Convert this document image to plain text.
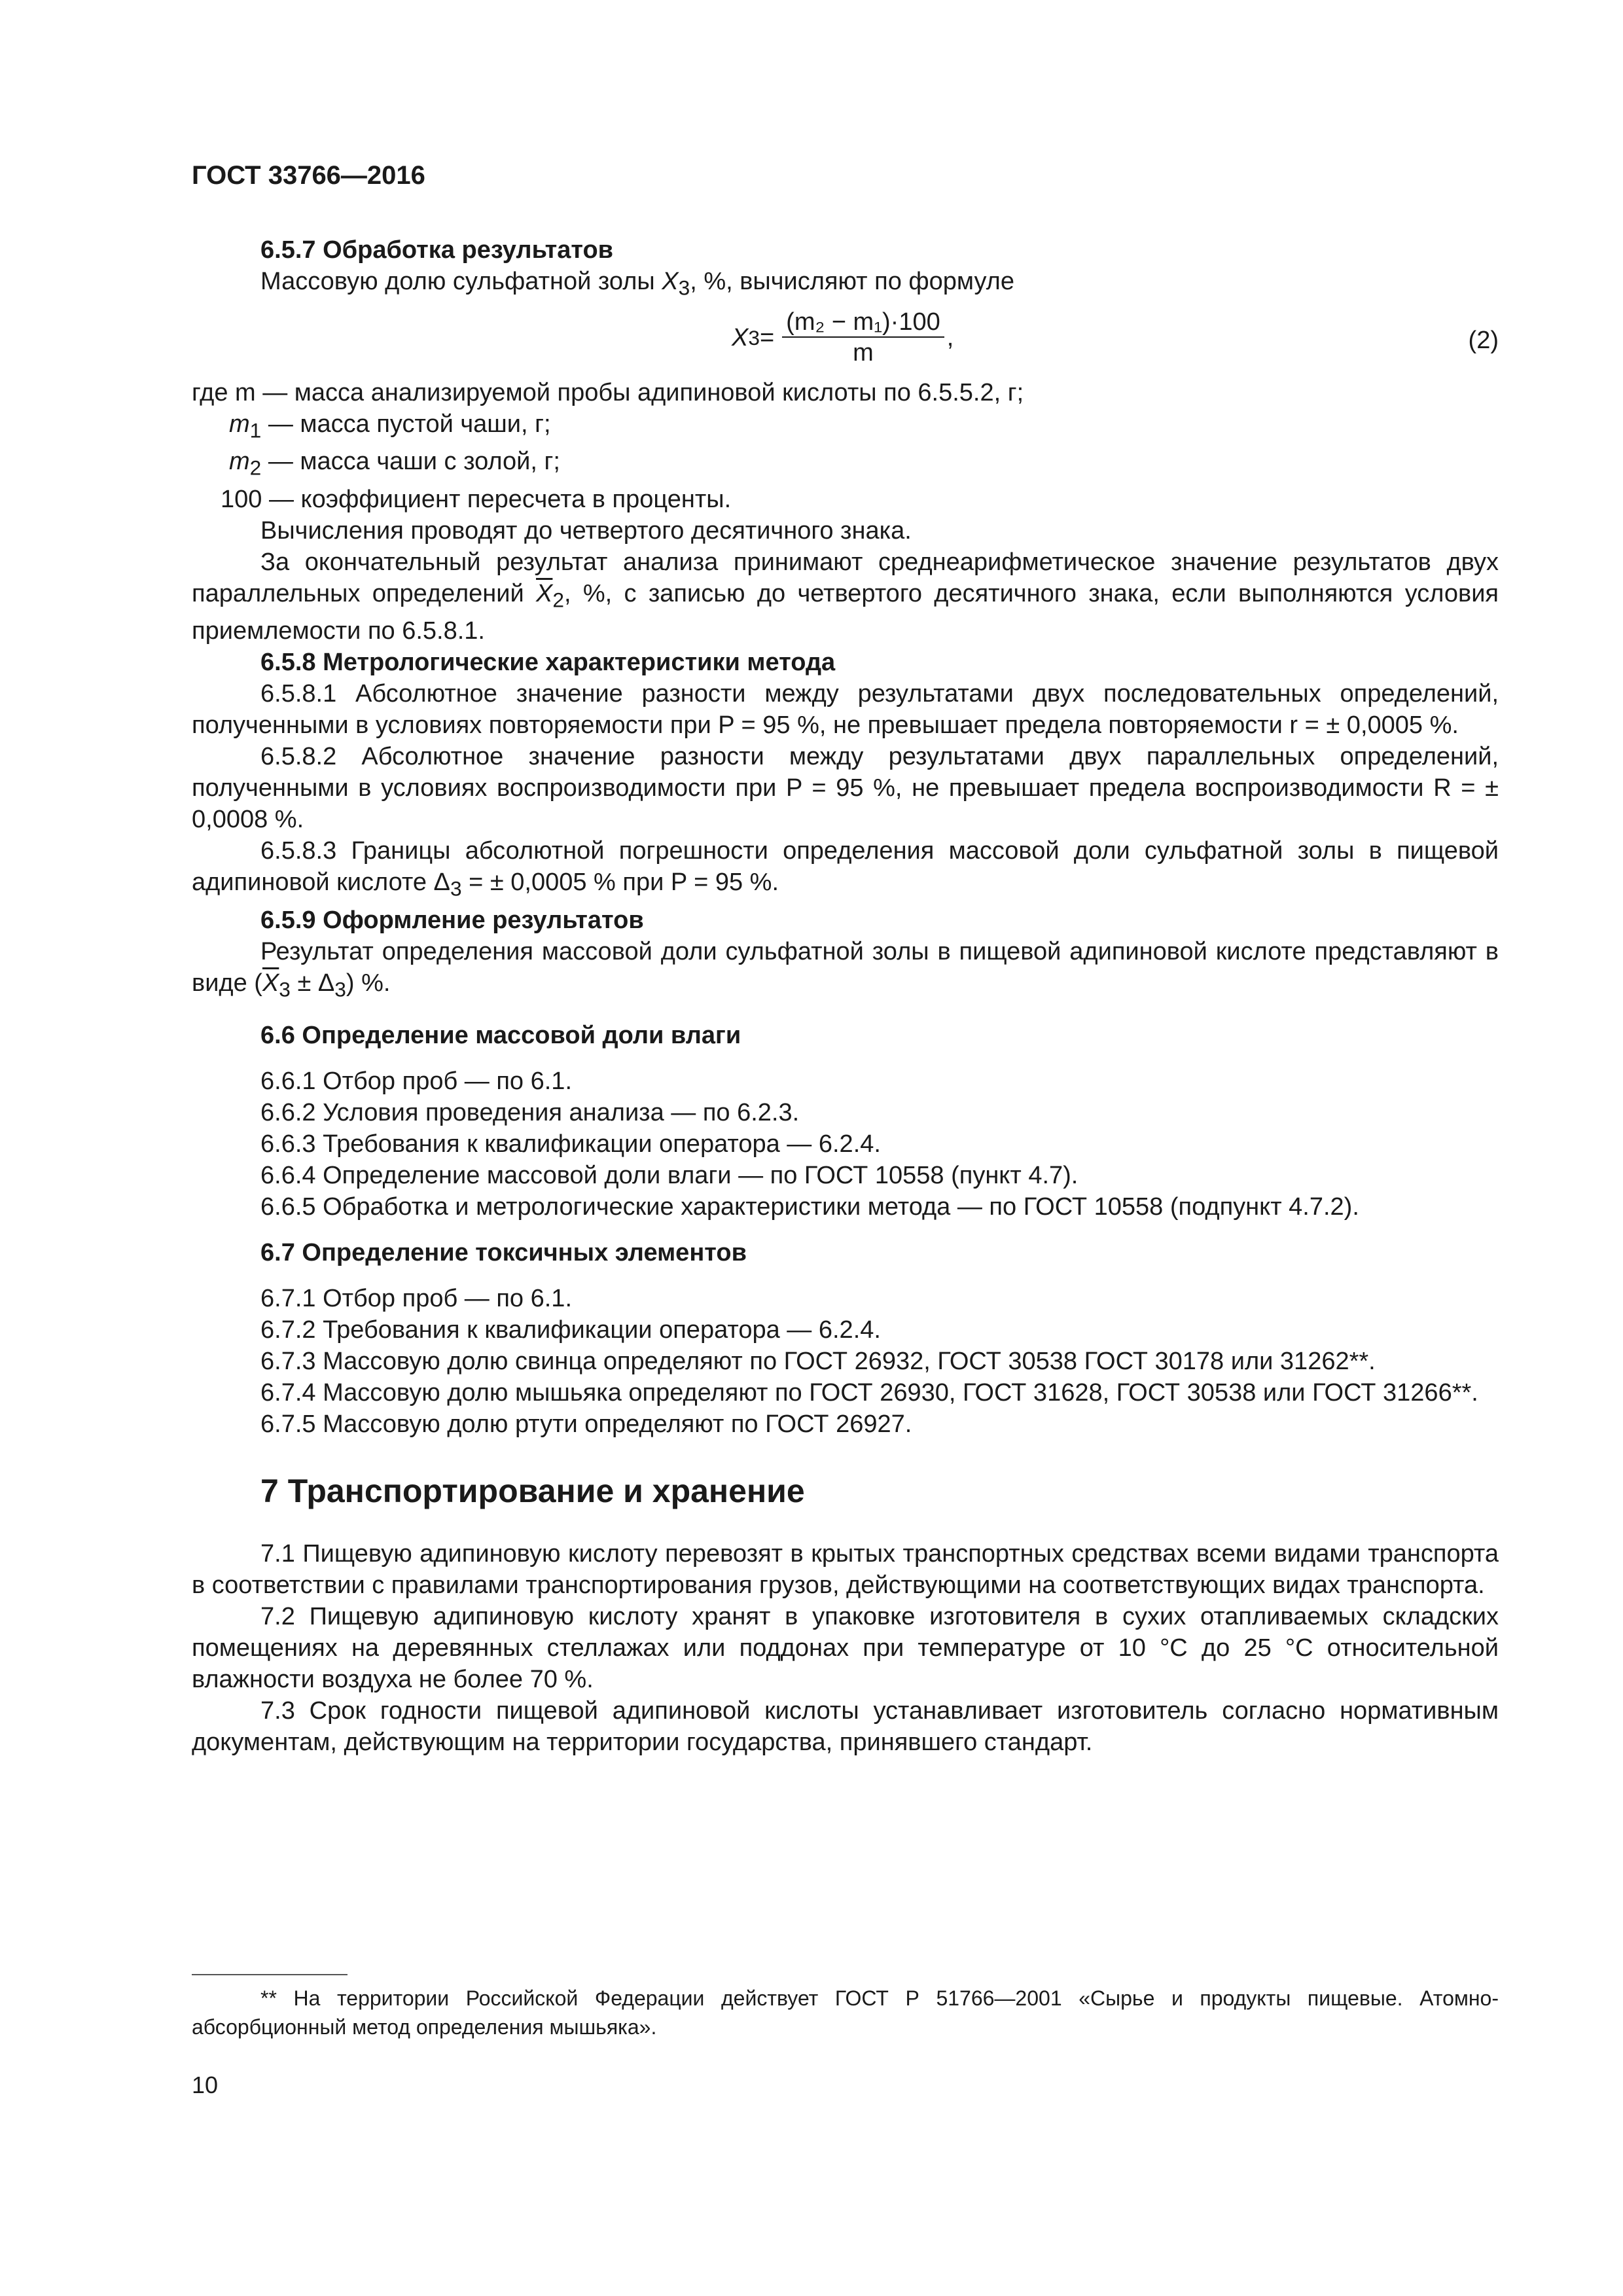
ГОСТ 33766—2016

6.5.7 Обработка результатов

Массовую долю сульфатной золы $X_3$, %, вычисляют по формуле

X $3 = \frac{\text{(m₂ − m₁)·100}}{m}$ ,	(2)

где m — масса анализируемой пробы адипиновой кислоты по 6.5.5.2, г;

$m_1$ — масса пустой чаши, г;

$m_2$ — масса чаши с золой, г;

100 — коэффициент пересчета в проценты.

Вычисления проводят до четвертого десятичного знака.

За окончательный результат анализа принимают среднеарифметическое значение результатов двух параллельных определений $\overline{X}_2$, %, с записью до четвертого десятичного знака, если выполняются условия приемлемости по 6.5.8.1.

6.5.8 Метрологические характеристики метода

6.5.8.1 Абсолютное значение разности между результатами двух последовательных определений, полученными в условиях повторяемости при P = 95 %, не превышает предела повторяемости r = ± 0,0005 %.

6.5.8.2 Абсолютное значение разности между результатами двух параллельных определений, полученными в условиях воспроизводимости при P = 95 %, не превышает предела воспроизводимости R = ± 0,0008 %.

6.5.8.3 Границы абсолютной погрешности определения массовой доли сульфатной золы в пищевой адипиновой кислоте $\Delta_3$ = ± 0,0005 % при P = 95 %.

6.5.9 Оформление результатов

Результат определения массовой доли сульфатной золы в пищевой адипиновой кислоте представляют в виде $(\overline{X}_3 \pm \Delta_3)$ %.

6.6 Определение массовой доли влаги

6.6.1 Отбор проб — по 6.1.

6.6.2 Условия проведения анализа — по 6.2.3.

6.6.3 Требования к квалификации оператора — 6.2.4.

6.6.4 Определение массовой доли влаги — по ГОСТ 10558 (пункт 4.7).

6.6.5 Обработка и метрологические характеристики метода — по ГОСТ 10558 (подпункт 4.7.2).

6.7 Определение токсичных элементов

6.7.1 Отбор проб — по 6.1.

6.7.2 Требования к квалификации оператора — 6.2.4.

6.7.3 Массовую долю свинца определяют по ГОСТ 26932, ГОСТ 30538 ГОСТ 30178 или 31262**.

6.7.4 Массовую долю мышьяка определяют по ГОСТ 26930, ГОСТ 31628, ГОСТ 30538 или ГОСТ 31266**.

6.7.5 Массовую долю ртути определяют по ГОСТ 26927.

7 Транспортирование и хранение

7.1 Пищевую адипиновую кислоту перевозят в крытых транспортных средствах всеми видами транспорта в соответствии с правилами транспортирования грузов, действующими на соответствующих видах транспорта.

7.2 Пищевую адипиновую кислоту хранят в упаковке изготовителя в сухих отапливаемых складских помещениях на деревянных стеллажах или поддонах при температуре от 10 °С до 25 °С относительной влажности воздуха не более 70 %.

7.3 Срок годности пищевой адипиновой кислоты устанавливает изготовитель согласно нормативным документам, действующим на территории государства, принявшего стандарт.

** На территории Российской Федерации действует ГОСТ Р 51766—2001 «Сырье и продукты пищевые. Атомно-абсорбционный метод определения мышьяка».

10
